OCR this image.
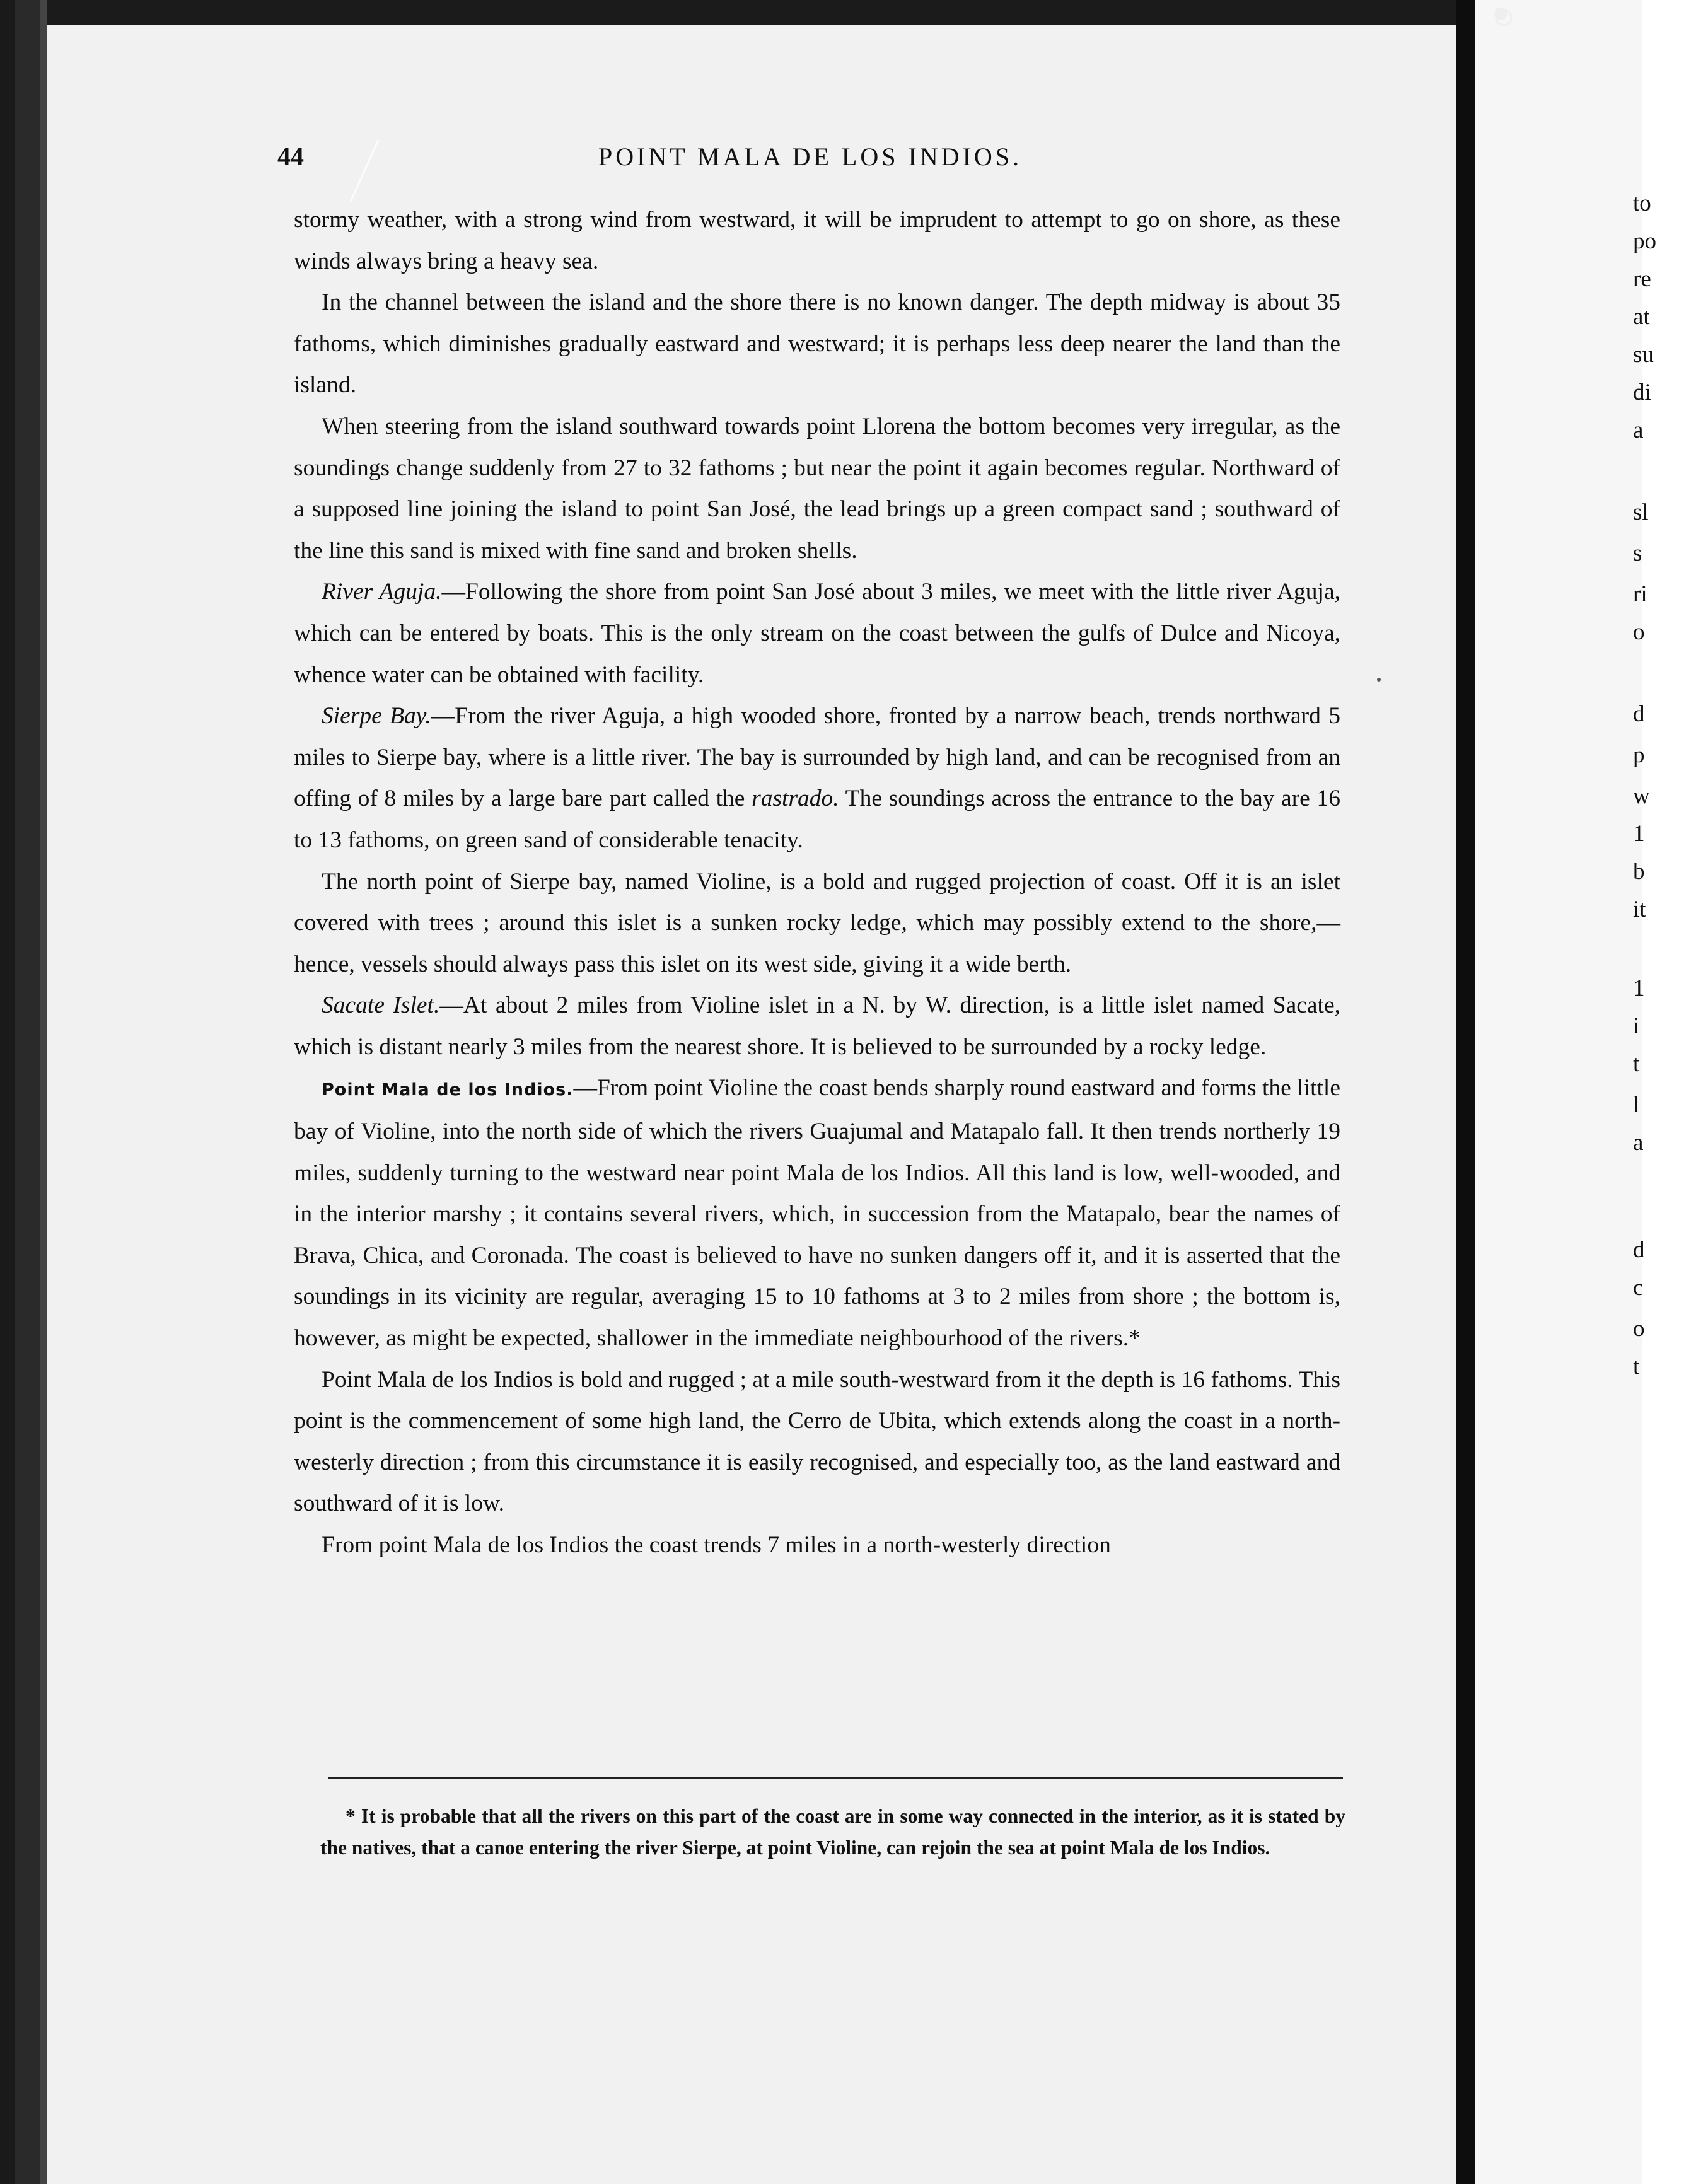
44	POINT MALA DE LOS INDIOS.

stormy weather, with a strong wind from westward, it will be imprudent to attempt to go on shore, as these winds always bring a heavy sea.

In the channel between the island and the shore there is no known danger. The depth midway is about 35 fathoms, which diminishes gradually eastward and westward; it is perhaps less deep nearer the land than the island.

When steering from the island southward towards point Llorena the bottom becomes very irregular, as the soundings change suddenly from 27 to 32 fathoms ; but near the point it again becomes regular. Northward of a supposed line joining the island to point San José, the lead brings up a green compact sand ; southward of the line this sand is mixed with fine sand and broken shells.

River Aguja.—Following the shore from point San José about 3 miles, we meet with the little river Aguja, which can be entered by boats. This is the only stream on the coast between the gulfs of Dulce and Nicoya, whence water can be obtained with facility.

Sierpe Bay.—From the river Aguja, a high wooded shore, fronted by a narrow beach, trends northward 5 miles to Sierpe bay, where is a little river. The bay is surrounded by high land, and can be recognised from an offing of 8 miles by a large bare part called the rastrado. The soundings across the entrance to the bay are 16 to 13 fathoms, on green sand of considerable tenacity.

The north point of Sierpe bay, named Violine, is a bold and rugged projection of coast. Off it is an islet covered with trees ; around this islet is a sunken rocky ledge, which may possibly extend to the shore,—hence, vessels should always pass this islet on its west side, giving it a wide berth.

Sacate Islet.—At about 2 miles from Violine islet in a N. by W. direction, is a little islet named Sacate, which is distant nearly 3 miles from the nearest shore. It is believed to be surrounded by a rocky ledge.

Point Mala de los Indios.—From point Violine the coast bends sharply round eastward and forms the little bay of Violine, into the north side of which the rivers Guajumal and Matapalo fall. It then trends northerly 19 miles, suddenly turning to the westward near point Mala de los Indios. All this land is low, well-wooded, and in the interior marshy ; it contains several rivers, which, in succession from the Matapalo, bear the names of Brava, Chica, and Coronada. The coast is believed to have no sunken dangers off it, and it is asserted that the soundings in its vicinity are regular, averaging 15 to 10 fathoms at 3 to 2 miles from shore ; the bottom is, however, as might be expected, shallower in the immediate neighbourhood of the rivers.*

Point Mala de los Indios is bold and rugged ; at a mile south-westward from it the depth is 16 fathoms. This point is the commencement of some high land, the Cerro de Ubita, which extends along the coast in a north-westerly direction ; from this circumstance it is easily recognised, and especially too, as the land eastward and southward of it is low.

From point Mala de los Indios the coast trends 7 miles in a north-westerly direction

* It is probable that all the rivers on this part of the coast are in some way connected in the interior, as it is stated by the natives, that a canoe entering the river Sierpe, at point Violine, can rejoin the sea at point Mala de los Indios.
to
po
re
at
su
di
a
sl
s
ri
o
d
p
w
1
b
it
1
i
t
l
a
d
c
o
t
